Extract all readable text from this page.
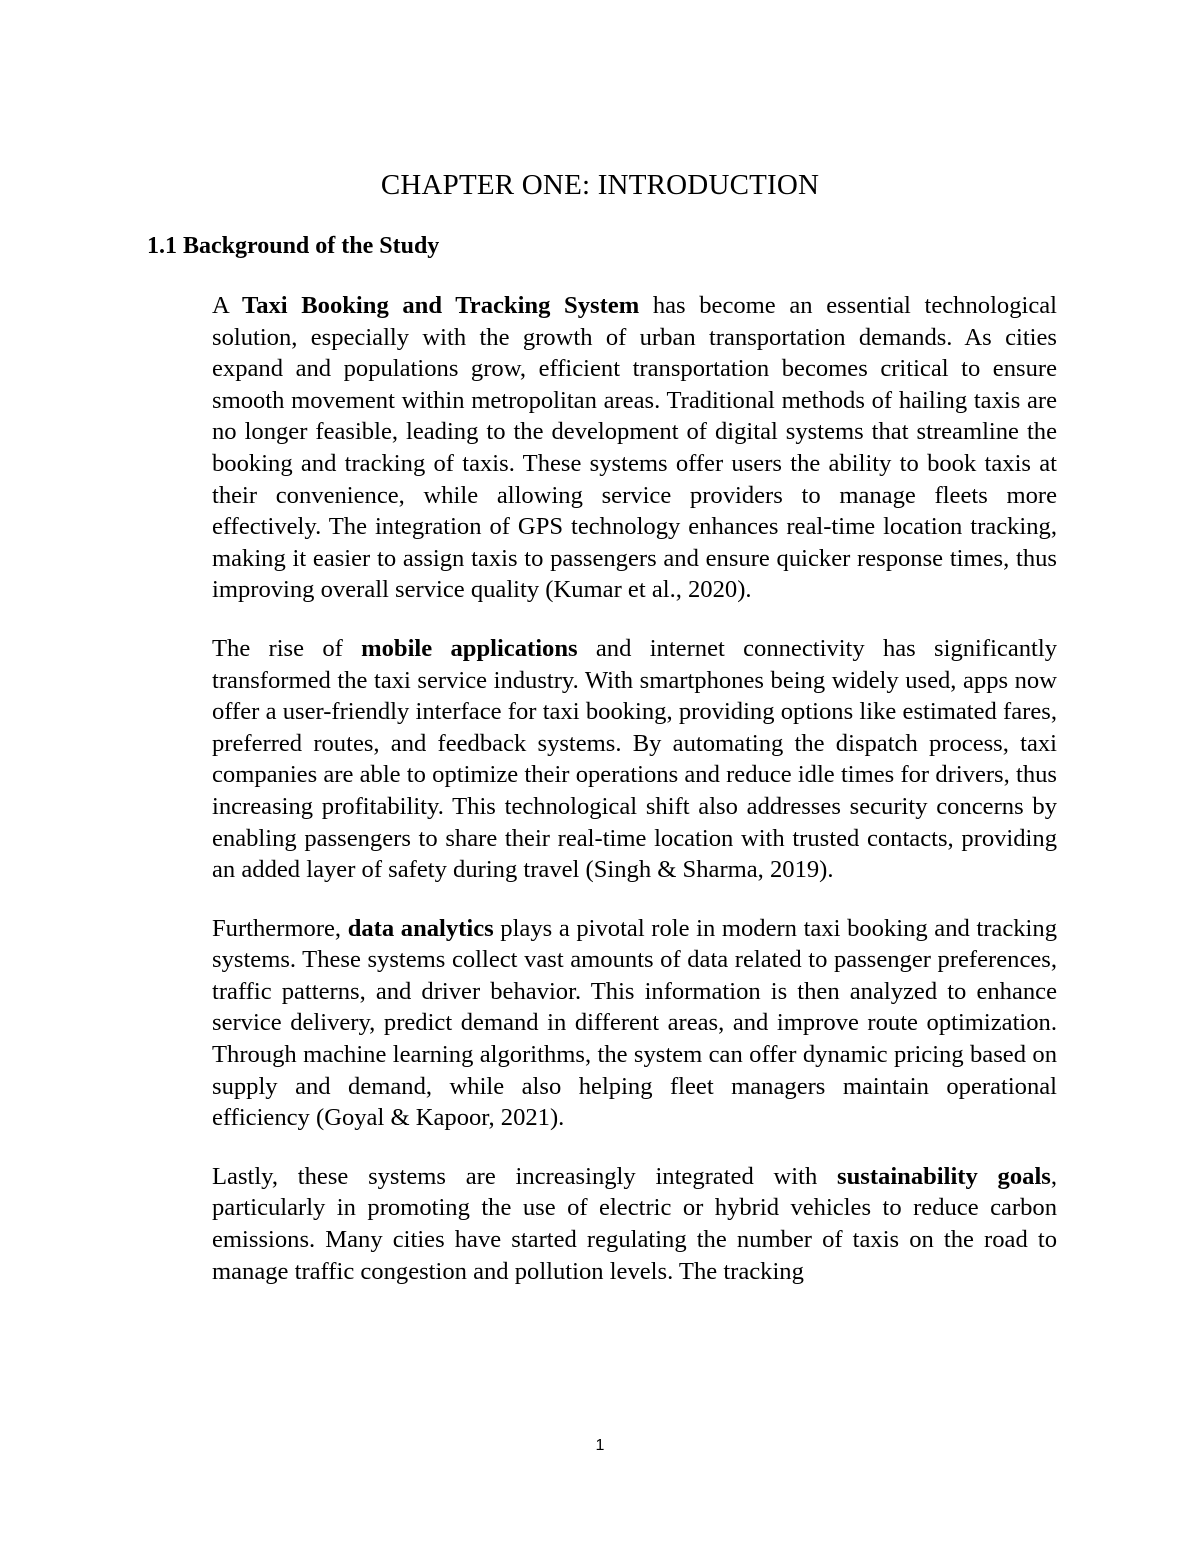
CHAPTER ONE: INTRODUCTION
1.1 Background of the Study

A Taxi Booking and Tracking System has become an essential technological solution, especially with the growth of urban transportation demands. As cities expand and populations grow, efficient transportation becomes critical to ensure smooth movement within metropolitan areas. Traditional methods of hailing taxis are no longer feasible, leading to the development of digital systems that streamline the booking and tracking of taxis. These systems offer users the ability to book taxis at their convenience, while allowing service providers to manage fleets more effectively. The integration of GPS technology enhances real-time location tracking, making it easier to assign taxis to passengers and ensure quicker response times, thus improving overall service quality (Kumar et al., 2020).

The rise of mobile applications and internet connectivity has significantly transformed the taxi service industry. With smartphones being widely used, apps now offer a user-friendly interface for taxi booking, providing options like estimated fares, preferred routes, and feedback systems. By automating the dispatch process, taxi companies are able to optimize their operations and reduce idle times for drivers, thus increasing profitability. This technological shift also addresses security concerns by enabling passengers to share their real-time location with trusted contacts, providing an added layer of safety during travel (Singh & Sharma, 2019).

Furthermore, data analytics plays a pivotal role in modern taxi booking and tracking systems. These systems collect vast amounts of data related to passenger preferences, traffic patterns, and driver behavior. This information is then analyzed to enhance service delivery, predict demand in different areas, and improve route optimization. Through machine learning algorithms, the system can offer dynamic pricing based on supply and demand, while also helping fleet managers maintain operational efficiency (Goyal & Kapoor, 2021).

Lastly, these systems are increasingly integrated with sustainability goals, particularly in promoting the use of electric or hybrid vehicles to reduce carbon emissions. Many cities have started regulating the number of taxis on the road to manage traffic congestion and pollution levels. The tracking

1
